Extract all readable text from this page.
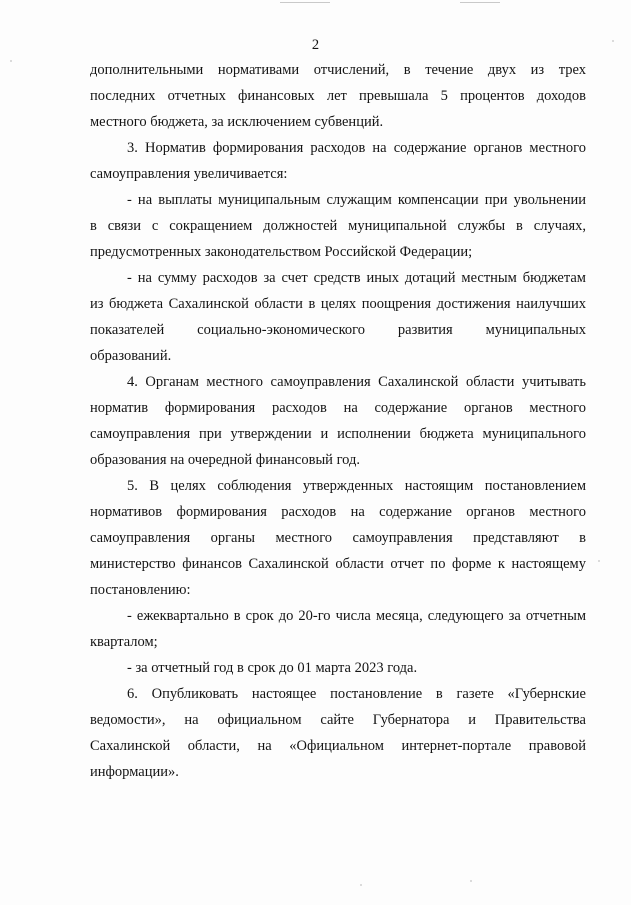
2
дополнительными нормативами отчислений, в течение двух из трех
последних отчетных финансовых лет превышала 5 процентов доходов
местного бюджета, за исключением субвенций.
3. Норматив формирования расходов на содержание органов местного
самоуправления увеличивается:
- на выплаты муниципальным служащим компенсации при увольнении
в связи с сокращением должностей муниципальной службы в случаях,
предусмотренных законодательством Российской Федерации;
- на сумму расходов за счет средств иных дотаций местным бюджетам
из бюджета Сахалинской области в целях поощрения достижения наилучших
показателей социально-экономического развития муниципальных
образований.
4. Органам местного самоуправления Сахалинской области учитывать
норматив формирования расходов на содержание органов местного
самоуправления при утверждении и исполнении бюджета муниципального
образования на очередной финансовый год.
5. В целях соблюдения утвержденных настоящим постановлением
нормативов формирования расходов на содержание органов местного
самоуправления органы местного самоуправления представляют в
министерство финансов Сахалинской области отчет по форме к настоящему
постановлению:
- ежеквартально в срок до 20-го числа месяца, следующего за отчетным
кварталом;
- за отчетный год в срок до 01 марта 2023 года.
6. Опубликовать настоящее постановление в газете «Губернские
ведомости», на официальном сайте Губернатора и Правительства
Сахалинской области, на «Официальном интернет-портале правовой
информации».
